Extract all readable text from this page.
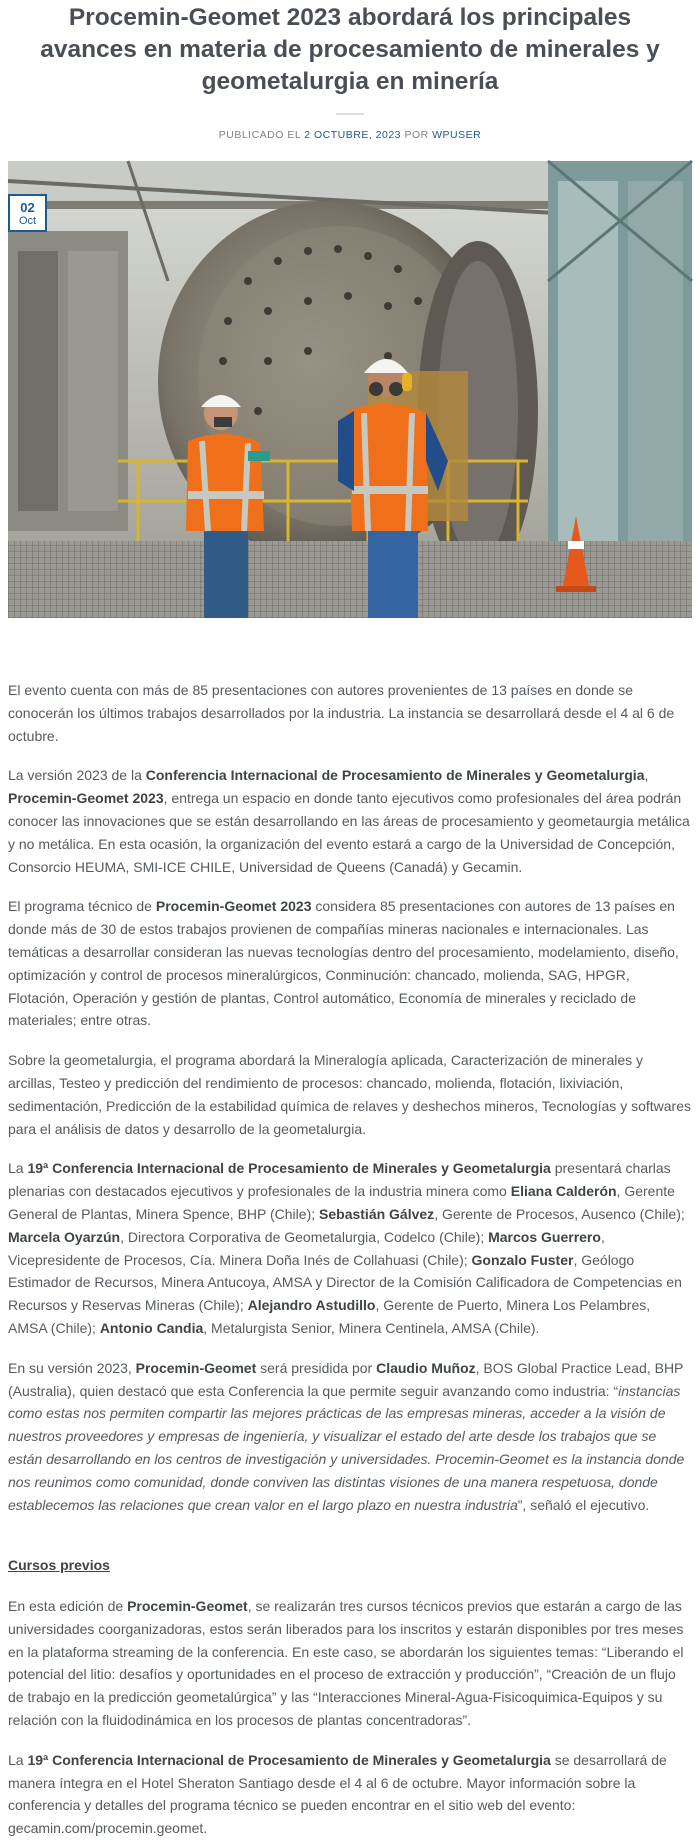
Procemin-Geomet 2023 abordará los principales avances en materia de procesamiento de minerales y geometalurgia en minería
PUBLICADO EL 2 OCTUBRE, 2023 POR WPUSER
02
Oct

El evento cuenta con más de 85 presentaciones con autores provenientes de 13 países en donde se conocerán los últimos trabajos desarrollados por la industria. La instancia se desarrollará desde el 4 al 6 de octubre.

La versión 2023 de la Conferencia Internacional de Procesamiento de Minerales y Geometalurgia, Procemin-Geomet 2023, entrega un espacio en donde tanto ejecutivos como profesionales del área podrán conocer las innovaciones que se están desarrollando en las áreas de procesamiento y geometaurgia metálica y no metálica. En esta ocasión, la organización del evento estará a cargo de la Universidad de Concepción, Consorcio HEUMA, SMI-ICE CHILE, Universidad de Queens (Canadá) y Gecamin.

El programa técnico de Procemin-Geomet 2023 considera 85 presentaciones con autores de 13 países en donde más de 30 de estos trabajos provienen de compañías mineras nacionales e internacionales. Las temáticas a desarrollar consideran las nuevas tecnologías dentro del procesamiento, modelamiento, diseño, optimización y control de procesos mineralúrgicos, Conminución: chancado, molienda, SAG, HPGR, Flotación, Operación y gestión de plantas, Control automático, Economía de minerales y reciclado de materiales; entre otras.

Sobre la geometalurgia, el programa abordará la Mineralogía aplicada, Caracterización de minerales y arcillas, Testeo y predicción del rendimiento de procesos: chancado, molienda, flotación, lixiviación, sedimentación, Predicción de la estabilidad química de relaves y deshechos mineros, Tecnologías y softwares para el análisis de datos y desarrollo de la geometalurgia.

La 19ª Conferencia Internacional de Procesamiento de Minerales y Geometalurgia presentará charlas plenarias con destacados ejecutivos y profesionales de la industria minera como Eliana Calderón, Gerente General de Plantas, Minera Spence, BHP (Chile); Sebastián Gálvez, Gerente de Procesos, Ausenco (Chile); Marcela Oyarzún, Directora Corporativa de Geometalurgia, Codelco (Chile); Marcos Guerrero, Vicepresidente de Procesos, Cía. Minera Doña Inés de Collahuasi (Chile); Gonzalo Fuster, Geólogo Estimador de Recursos, Minera Antucoya, AMSA y Director de la Comisión Calificadora de Competencias en Recursos y Reservas Mineras (Chile); Alejandro Astudillo, Gerente de Puerto, Minera Los Pelambres, AMSA (Chile); Antonio Candia, Metalurgista Senior, Minera Centinela, AMSA (Chile).

En su versión 2023, Procemin-Geomet será presidida por Claudio Muñoz, BOS Global Practice Lead, BHP (Australia), quien destacó que esta Conferencia la que permite seguir avanzando como industria: “instancias como estas nos permiten compartir las mejores prácticas de las empresas mineras, acceder a la visión de nuestros proveedores y empresas de ingeniería, y visualizar el estado del arte desde los trabajos que se están desarrollando en los centros de investigación y universidades. Procemin-Geomet es la instancia donde nos reunimos como comunidad, donde conviven las distintas visiones de una manera respetuosa, donde establecemos las relaciones que crean valor en el largo plazo en nuestra industria”, señaló el ejecutivo.

Cursos previos

En esta edición de Procemin-Geomet, se realizarán tres cursos técnicos previos que estarán a cargo de las universidades coorganizadoras, estos serán liberados para los inscritos y estarán disponibles por tres meses en la plataforma streaming de la conferencia. En este caso, se abordarán los siguientes temas: “Liberando el potencial del litio: desafíos y oportunidades en el proceso de extracción y producción”, “Creación de un flujo de trabajo en la predicción geometalúrgica” y las “Interacciones Mineral-Agua-Fisicoquimica-Equipos y su relación con la fluidodinámica en los procesos de plantas concentradoras”.

La 19ª Conferencia Internacional de Procesamiento de Minerales y Geometalurgia se desarrollará de manera íntegra en el Hotel Sheraton Santiago desde el 4 al 6 de octubre. Mayor información sobre la conferencia y detalles del programa técnico se pueden encontrar en el sitio web del evento: gecamin.com/procemin.geomet.
